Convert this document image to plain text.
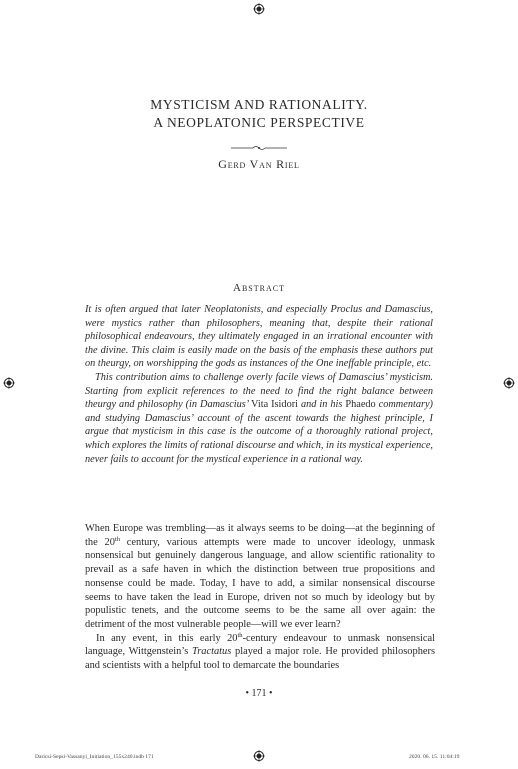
MYSTICISM AND RATIONALITY.
A NEOPLATONIC PERSPECTIVE
Gerd Van Riel
Abstract

It is often argued that later Neoplatonists, and especially Proclus and Damascius, were mystics rather than philosophers, meaning that, despite their rational philosophical endeavours, they ultimately engaged in an irrational encounter with the divine. This claim is easily made on the basis of the emphasis these authors put on theurgy, on worshipping the gods as instances of the One ineffable principle, etc.

This contribution aims to challenge overly facile views of Damascius’ mysticism. Starting from explicit references to the need to find the right balance between theurgy and philosophy (in Damascius’ Vita Isidori and in his Phaedo commentary) and studying Damascius’ account of the ascent towards the highest principle, I argue that mysticism in this case is the outcome of a thoroughly rational project, which explores the limits of rational discourse and which, in its mystical experience, never fails to account for the mystical experience in a rational way.

When Europe was trembling—as it always seems to be doing—at the beginning of the 20th century, various attempts were made to uncover ideology, unmask nonsensical but genuinely dangerous language, and allow scientific rationality to prevail as a safe haven in which the distinction between true propositions and nonsense could be made. Today, I have to add, a similar nonsensical discourse seems to have taken the lead in Europe, driven not so much by ideology but by populistic tenets, and the outcome seems to be the same all over again: the detriment of the most vulnerable people—will we ever learn?

In any event, in this early 20th-century endeavour to unmask nonsensical language, Wittgenstein’s Tractatus played a major role. He provided philosophers and scientists with a helpful tool to demarcate the boundaries

• 171 •
Daricsi-Sepsi-Vassanyi_Initiation_155x240.indb 171	2020. 06. 15. 11:04:19
